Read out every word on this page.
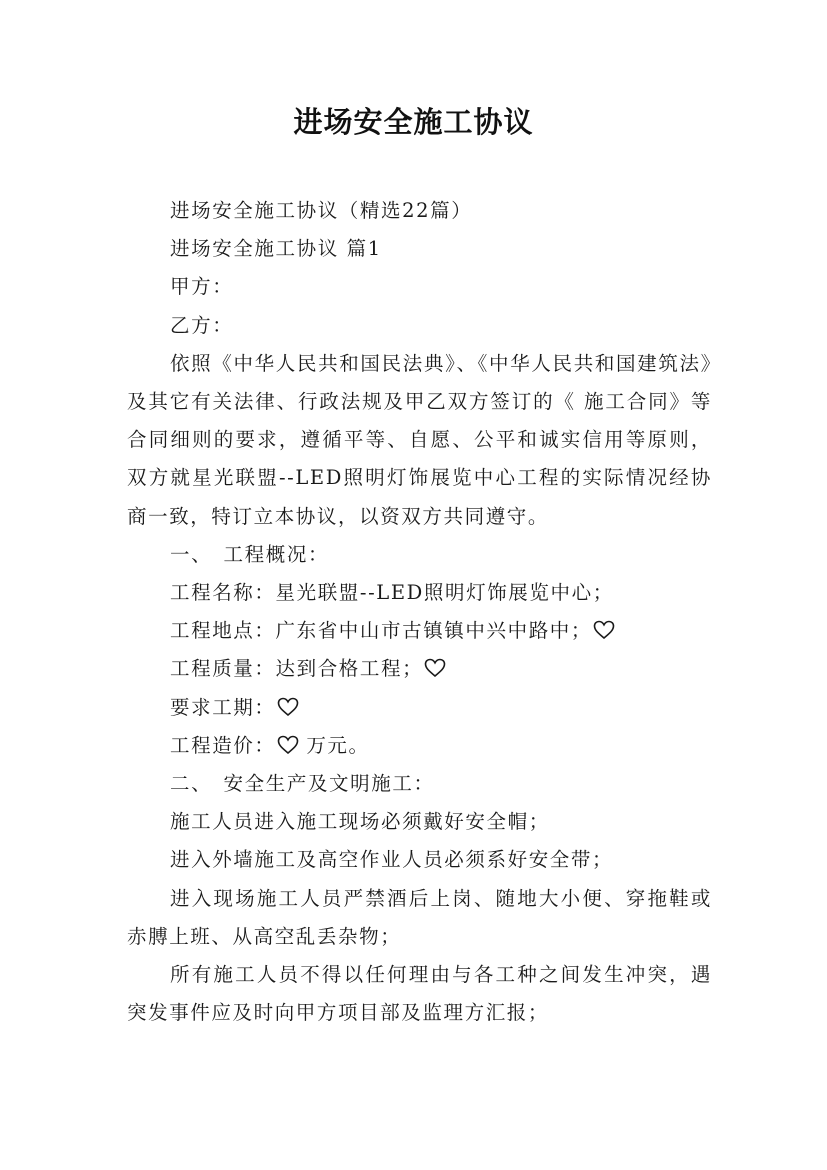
进场安全施工协议

进场安全施工协议（精选22篇）

进场安全施工协议 篇1

甲方：

乙方：

依照《中华人民共和国民法典》、《中华人民共和国建筑法》及其它有关法律、行政法规及甲乙双方签订的《 施工合同》等合同细则的要求，遵循平等、自愿、公平和诚实信用等原则，双方就星光联盟--LED照明灯饰展览中心工程的实际情况经协商一致，特订立本协议，以资双方共同遵守。

一、　工程概况：

工程名称：星光联盟--LED照明灯饰展览中心；

工程地点：广东省中山市古镇镇中兴中路中；

工程质量：达到合格工程；

要求工期：

工程造价：
万元。

二、　安全生产及文明施工：

施工人员进入施工现场必须戴好安全帽；

进入外墙施工及高空作业人员必须系好安全带；

进入现场施工人员严禁酒后上岗、随地大小便、穿拖鞋或赤膊上班、从高空乱丢杂物；

所有施工人员不得以任何理由与各工种之间发生冲突，遇突发事件应及时向甲方项目部及监理方汇报；
